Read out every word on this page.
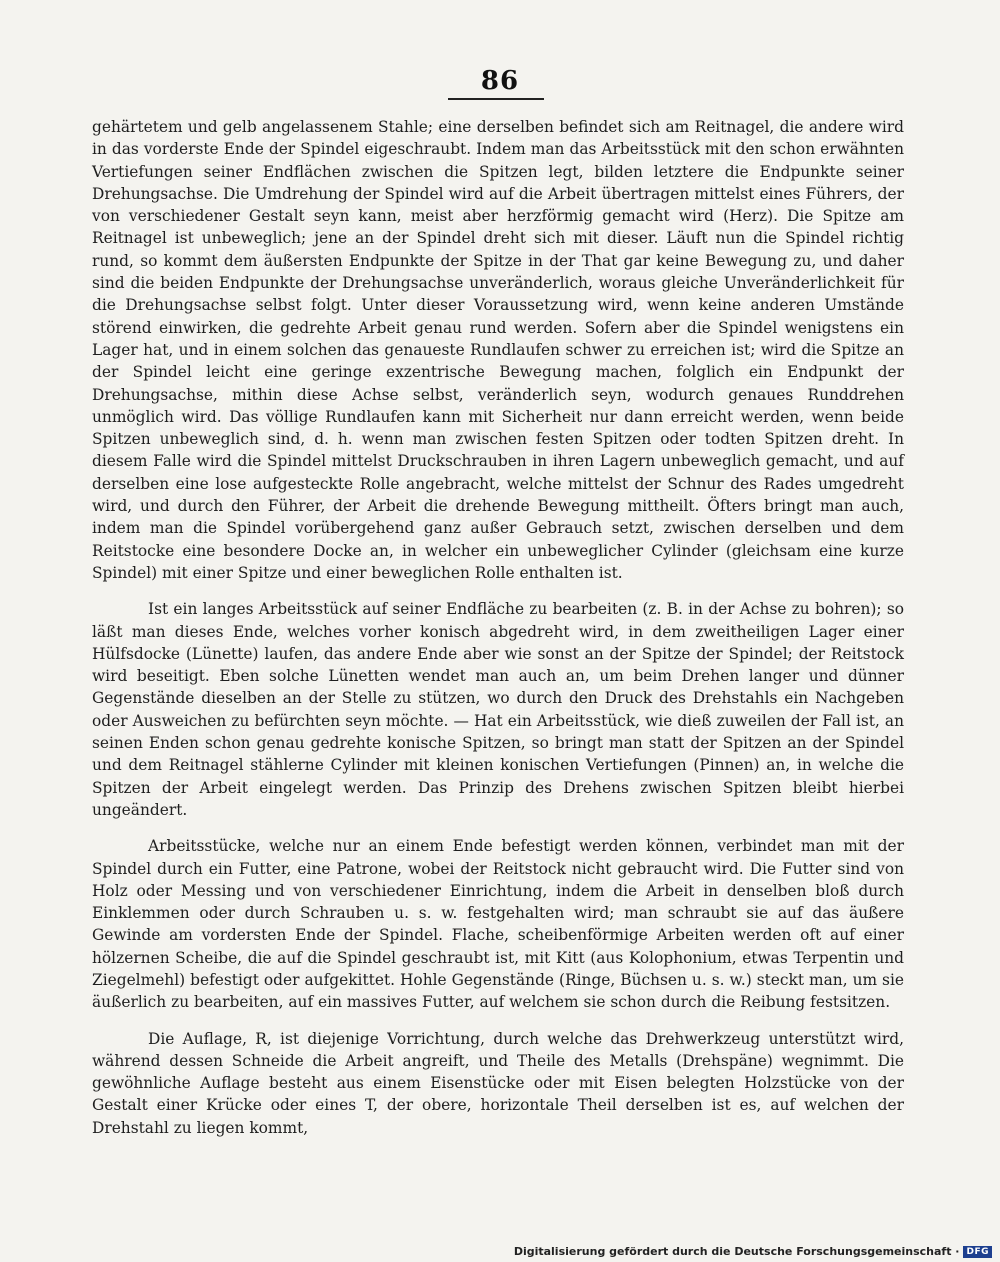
86

gehärtetem und gelb angelassenem Stahle; eine derselben befindet sich am Reitnagel, die andere wird in das vorderste Ende der Spindel eigeschraubt. Indem man das Arbeitsstück mit den schon erwähnten Vertiefungen seiner Endflächen zwischen die Spitzen legt, bilden letztere die Endpunkte seiner Drehungsachse. Die Umdrehung der Spindel wird auf die Arbeit übertragen mittelst eines Führers, der von verschiedener Gestalt seyn kann, meist aber herzförmig gemacht wird (Herz). Die Spitze am Reitnagel ist unbeweglich; jene an der Spindel dreht sich mit dieser. Läuft nun die Spindel richtig rund, so kommt dem äußersten Endpunkte der Spitze in der That gar keine Bewegung zu, und daher sind die beiden Endpunkte der Drehungsachse unveränderlich, woraus gleiche Unveränderlichkeit für die Drehungsachse selbst folgt. Unter dieser Voraussetzung wird, wenn keine anderen Umstände störend einwirken, die gedrehte Arbeit genau rund werden. Sofern aber die Spindel wenigstens ein Lager hat, und in einem solchen das genaueste Rundlaufen schwer zu erreichen ist; wird die Spitze an der Spindel leicht eine geringe exzentrische Bewegung machen, folglich ein Endpunkt der Drehungsachse, mithin diese Achse selbst, veränderlich seyn, wodurch genaues Runddrehen unmöglich wird. Das völlige Rundlaufen kann mit Sicherheit nur dann erreicht werden, wenn beide Spitzen unbeweglich sind, d. h. wenn man zwischen festen Spitzen oder todten Spitzen dreht. In diesem Falle wird die Spindel mittelst Druckschrauben in ihren Lagern unbeweglich gemacht, und auf derselben eine lose aufgesteckte Rolle angebracht, welche mittelst der Schnur des Rades umgedreht wird, und durch den Führer, der Arbeit die drehende Bewegung mittheilt. Öfters bringt man auch, indem man die Spindel vorübergehend ganz außer Gebrauch setzt, zwischen derselben und dem Reitstocke eine besondere Docke an, in welcher ein unbeweglicher Cylinder (gleichsam eine kurze Spindel) mit einer Spitze und einer beweglichen Rolle enthalten ist.

Ist ein langes Arbeitsstück auf seiner Endfläche zu bearbeiten (z. B. in der Achse zu bohren); so läßt man dieses Ende, welches vorher konisch abgedreht wird, in dem zweitheiligen Lager einer Hülfsdocke (Lünette) laufen, das andere Ende aber wie sonst an der Spitze der Spindel; der Reitstock wird beseitigt. Eben solche Lünetten wendet man auch an, um beim Drehen langer und dünner Gegenstände dieselben an der Stelle zu stützen, wo durch den Druck des Drehstahls ein Nachgeben oder Ausweichen zu befürchten seyn möchte. — Hat ein Arbeitsstück, wie dieß zuweilen der Fall ist, an seinen Enden schon genau gedrehte konische Spitzen, so bringt man statt der Spitzen an der Spindel und dem Reitnagel stählerne Cylinder mit kleinen konischen Vertiefungen (Pinnen) an, in welche die Spitzen der Arbeit eingelegt werden. Das Prinzip des Drehens zwischen Spitzen bleibt hierbei ungeändert.

Arbeitsstücke, welche nur an einem Ende befestigt werden können, verbindet man mit der Spindel durch ein Futter, eine Patrone, wobei der Reitstock nicht gebraucht wird. Die Futter sind von Holz oder Messing und von verschiedener Einrichtung, indem die Arbeit in denselben bloß durch Einklemmen oder durch Schrauben u. s. w. festgehalten wird; man schraubt sie auf das äußere Gewinde am vordersten Ende der Spindel. Flache, scheibenförmige Arbeiten werden oft auf einer hölzernen Scheibe, die auf die Spindel geschraubt ist, mit Kitt (aus Kolophonium, etwas Terpentin und Ziegelmehl) befestigt oder aufgekittet. Hohle Gegenstände (Ringe, Büchsen u. s. w.) steckt man, um sie äußerlich zu bearbeiten, auf ein massives Futter, auf welchem sie schon durch die Reibung festsitzen.

Die Auflage, R, ist diejenige Vorrichtung, durch welche das Drehwerkzeug unterstützt wird, während dessen Schneide die Arbeit angreift, und Theile des Metalls (Drehspäne) wegnimmt. Die gewöhnliche Auflage besteht aus einem Eisenstücke oder mit Eisen belegten Holzstücke von der Gestalt einer Krücke oder eines T, der obere, horizontale Theil derselben ist es, auf welchen der Drehstahl zu liegen kommt,

Digitalisierung gefördert durch die Deutsche Forschungsgemeinschaft · DFG
